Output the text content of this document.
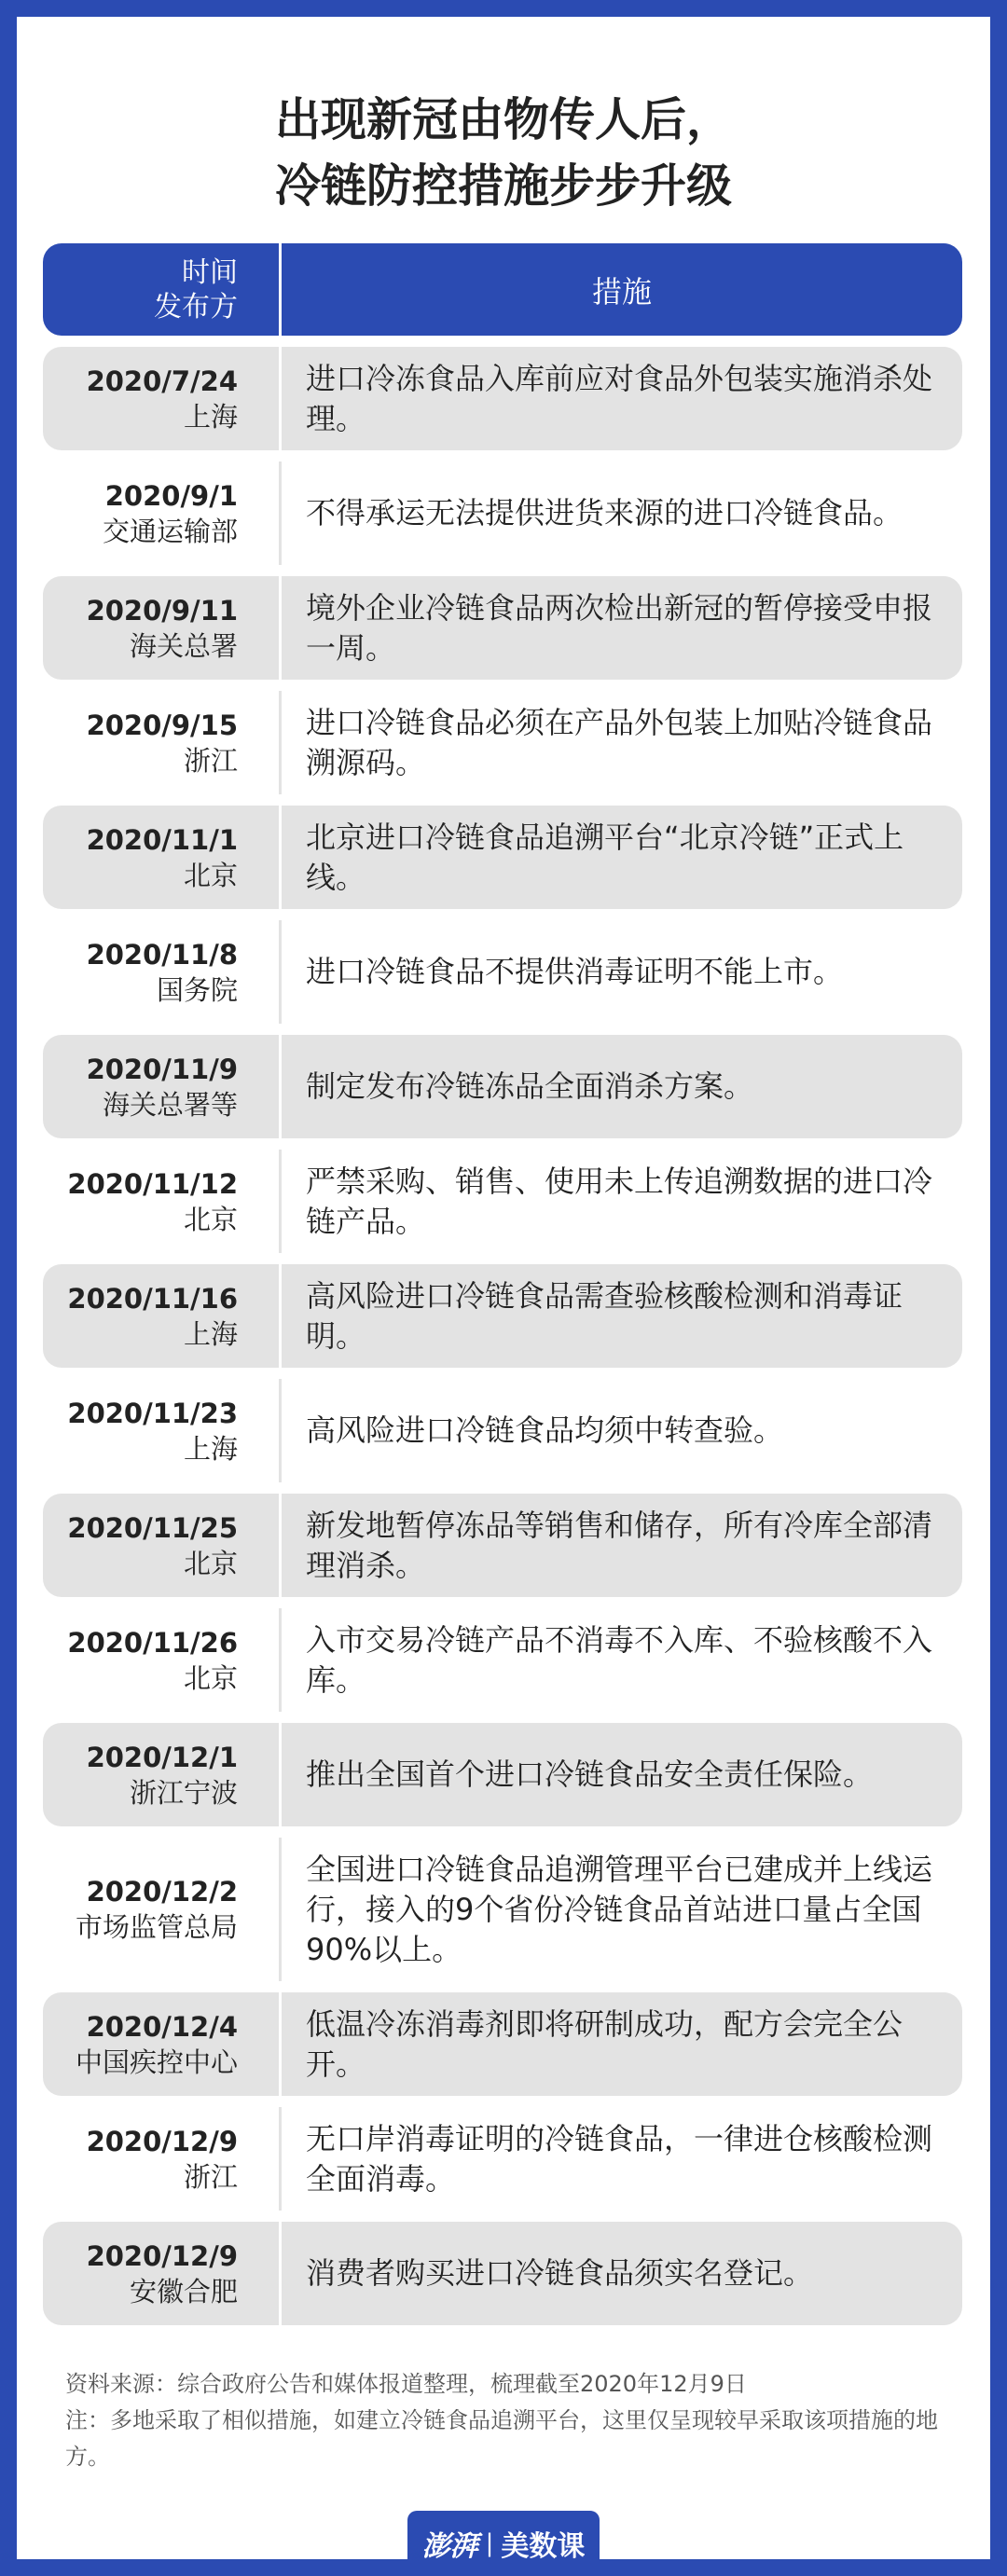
出现新冠由物传人后，
冷链防控措施步步升级
时间
发布方	措施
2020/7/24
上海
进口冷冻食品入库前应对食品外包装实施消杀处理。
2020/9/1
交通运输部
不得承运无法提供进货来源的进口冷链食品。
2020/9/11
海关总署
境外企业冷链食品两次检出新冠的暂停接受申报一周。
2020/9/15
浙江
进口冷链食品必须在产品外包装上加贴冷链食品溯源码。
2020/11/1
北京
北京进口冷链食品追溯平台“北京冷链”正式上线。
2020/11/8
国务院
进口冷链食品不提供消毒证明不能上市。
2020/11/9
海关总署等
制定发布冷链冻品全面消杀方案。
2020/11/12
北京
严禁采购、销售、使用未上传追溯数据的进口冷链产品。
2020/11/16
上海
高风险进口冷链食品需查验核酸检测和消毒证明。
2020/11/23
上海
高风险进口冷链食品均须中转查验。
2020/11/25
北京
新发地暂停冻品等销售和储存，所有冷库全部清理消杀。
2020/11/26
北京
入市交易冷链产品不消毒不入库、不验核酸不入库。
2020/12/1
浙江宁波
推出全国首个进口冷链食品安全责任保险。
2020/12/2
市场监管总局
全国进口冷链食品追溯管理平台已建成并上线运行，接入的9个省份冷链食品首站进口量占全国90%以上。
2020/12/4
中国疾控中心
低温冷冻消毒剂即将研制成功，配方会完全公开。
2020/12/9
浙江
无口岸消毒证明的冷链食品，一律进仓核酸检测全面消毒。
2020/12/9
安徽合肥
消费者购买进口冷链食品须实名登记。
资料来源：综合政府公告和媒体报道整理，梳理截至2020年12月9日
注：多地采取了相似措施，如建立冷链食品追溯平台，这里仅呈现较早采取该项措施的地方。
澎湃 | 美数课
